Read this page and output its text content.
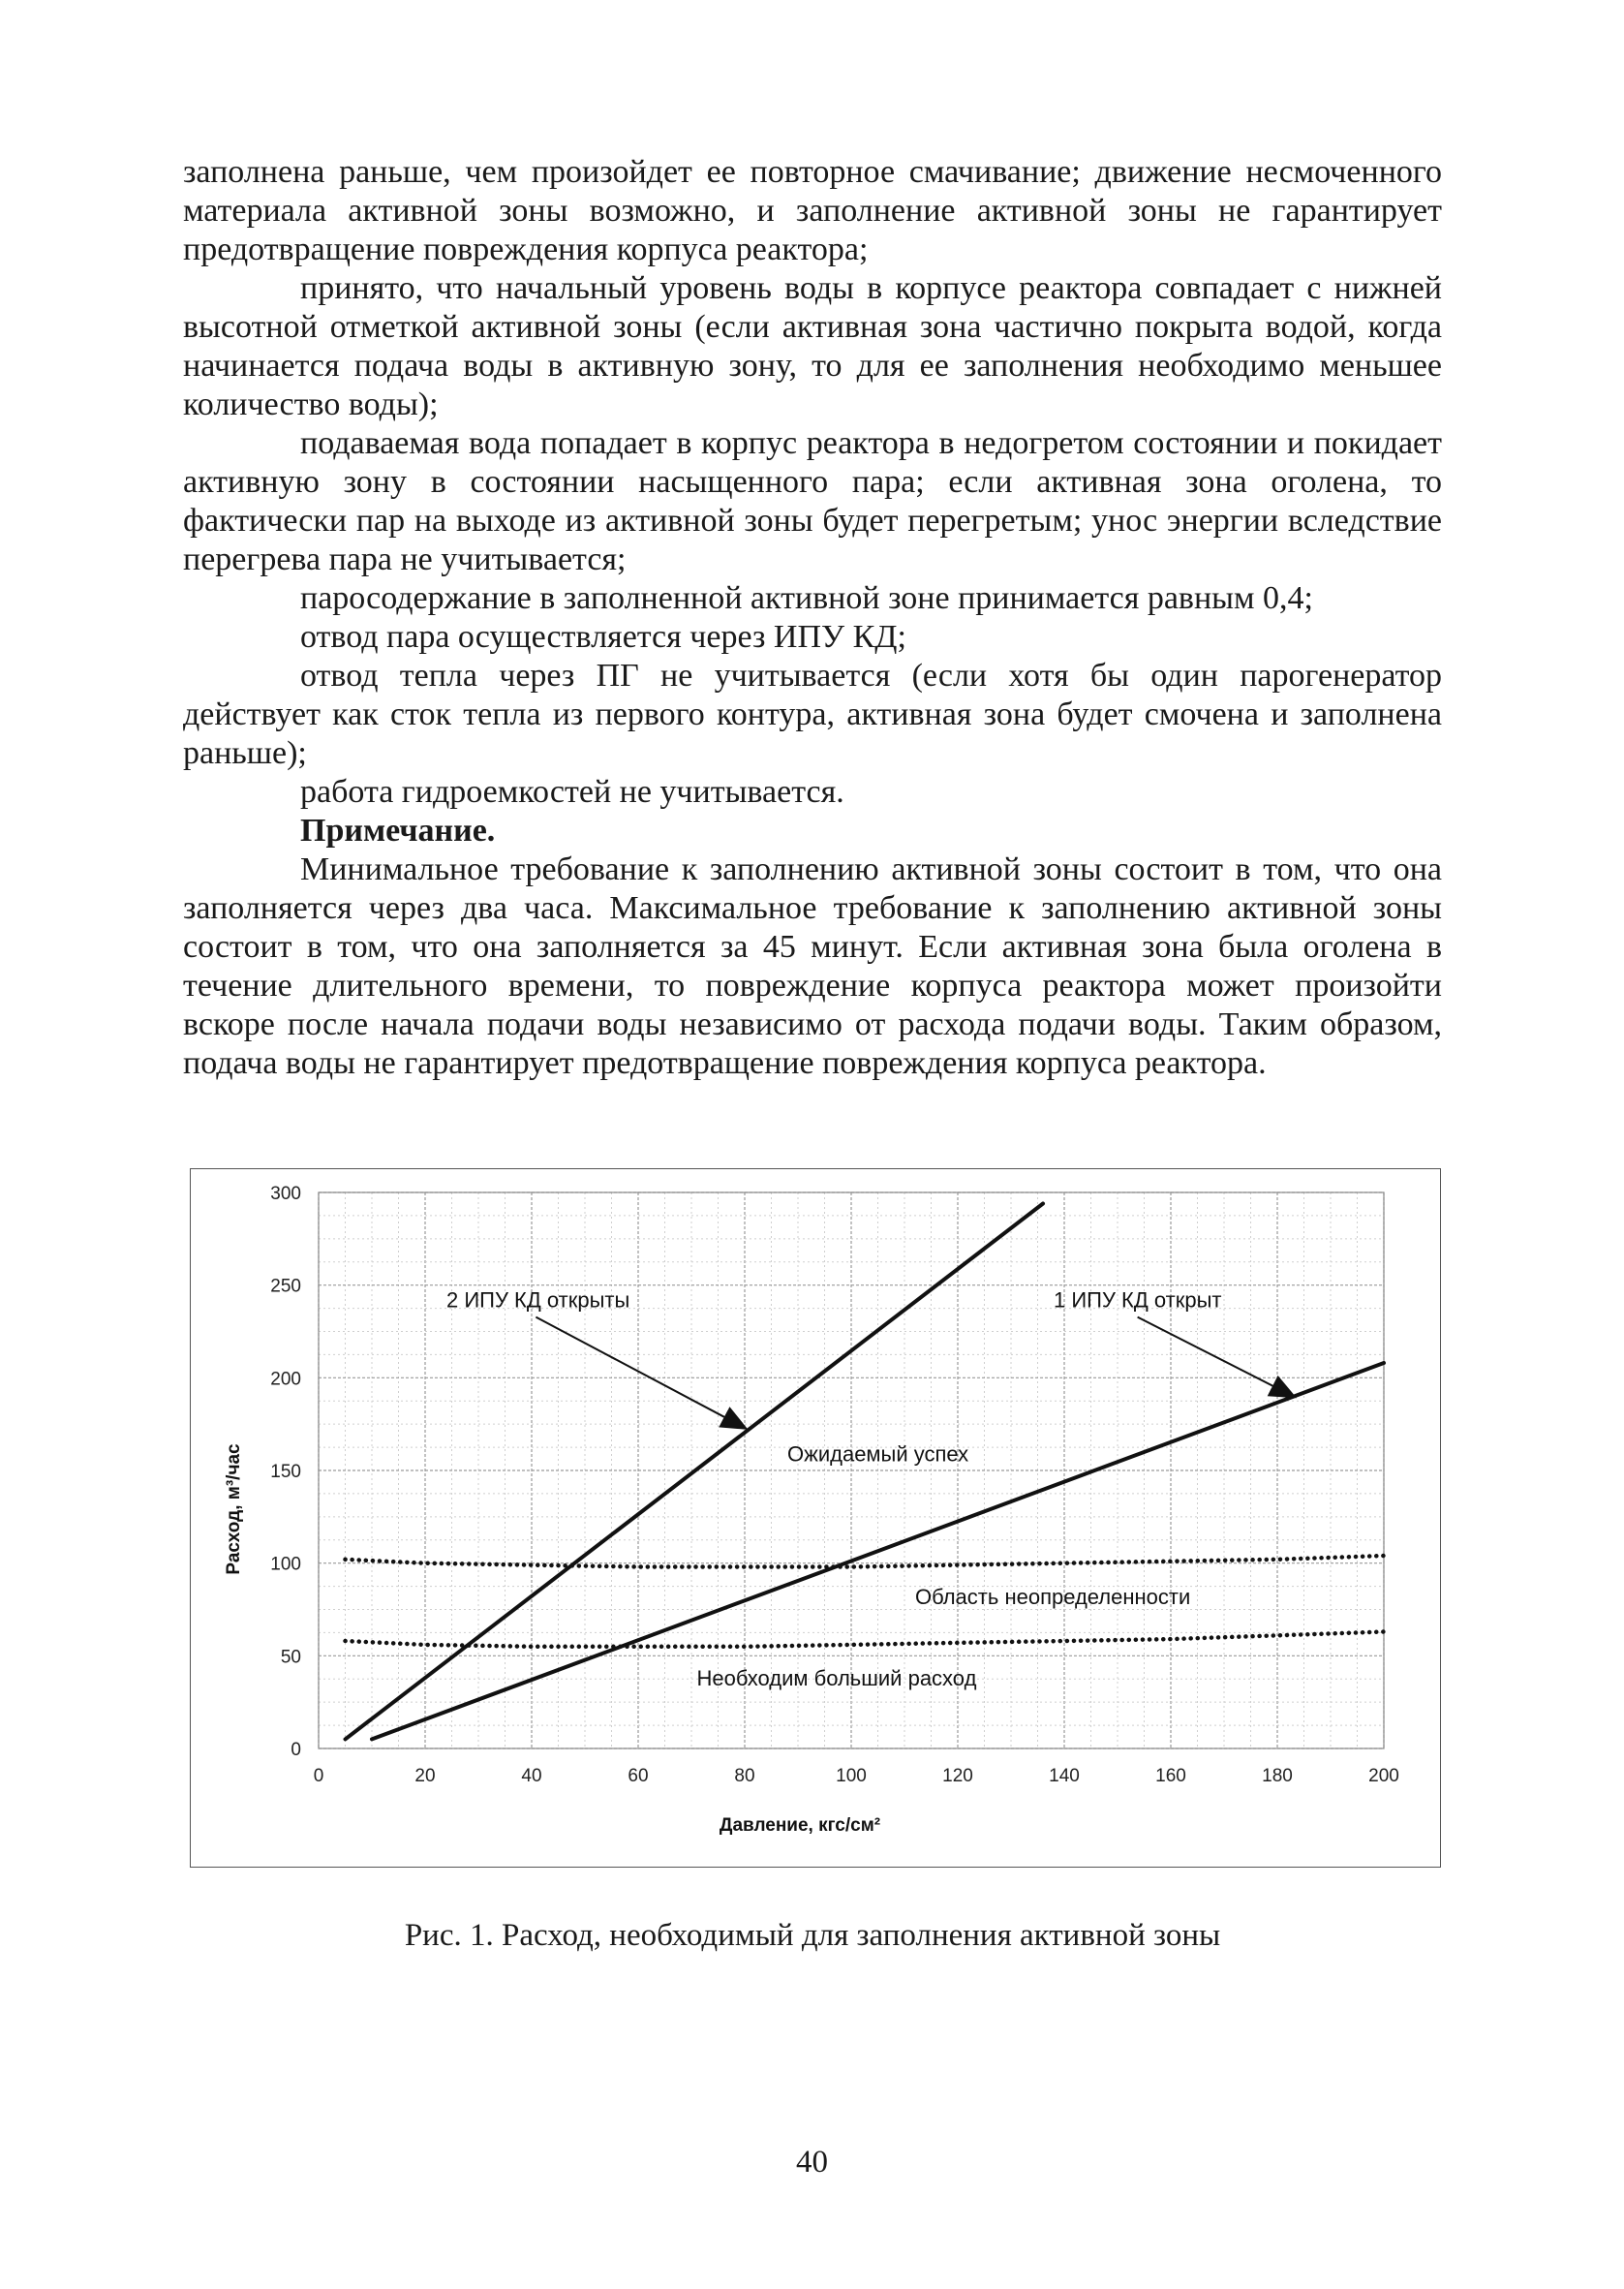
заполнена раньше, чем произойдет ее повторное смачивание; движение несмоченного материала активной зоны возможно, и заполнение активной зоны не гарантирует предотвращение повреждения корпуса реактора;

принято, что начальный уровень воды в корпусе реактора совпадает с нижней высотной отметкой активной зоны (если активная зона частично покрыта водой, когда начинается подача воды в активную зону, то для ее заполнения необходимо меньшее количество воды);

подаваемая вода попадает в корпус реактора в недогретом состоянии и покидает активную зону в состоянии насыщенного пара; если активная зона оголена, то фактически пар на выходе из активной зоны будет перегретым; унос энергии вследствие перегрева пара не учитывается;

паросодержание в заполненной активной зоне принимается равным 0,4;

отвод пара осуществляется через ИПУ КД;

отвод тепла через ПГ не учитывается (если хотя бы один парогенератор действует как сток тепла из первого контура, активная зона будет смочена и заполнена раньше);

работа гидроемкостей не учитывается.

Примечание.

Минимальное требование к заполнению активной зоны состоит в том, что она заполняется через два часа. Максимальное требование к заполнению активной зоны состоит в том, что она заполняется за 45 минут. Если активная зона была оголена в течение длительного времени, то повреждение корпуса реактора может произойти вскоре после начала подачи воды независимо от расхода подачи воды. Таким образом, подача воды не гарантирует предотвращение повреждения корпуса реактора.

0	20	40	60	80	100	120	140	160	180	200
0
50
100
150
200
250
300
2 ИПУ КД открыты	1 ИПУ КД открыт
Ожидаемый успех
Область неопределенности
Необходим больший расход
Давление, кгс/см²
Расход, м³/час
Рис. 1. Расход, необходимый для заполнения активной зоны
40
